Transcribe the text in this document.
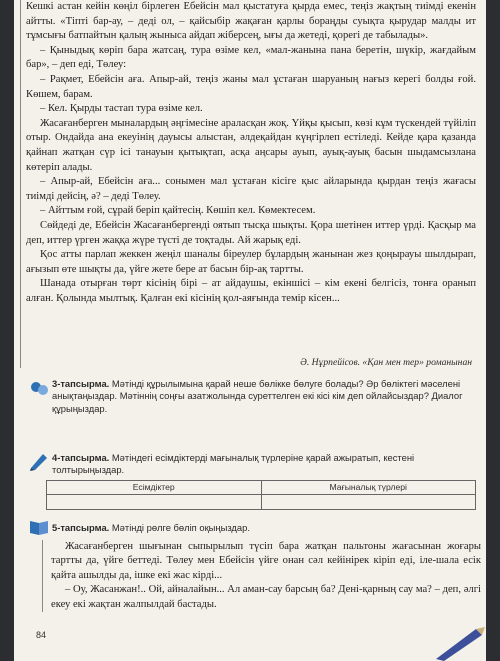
Кешкі астан кейін көңіл бірлеген Ебейсін мал қыстатуға қырда емес, теңіз жақтың тиімді екенін айтты. «Тіпті бар-ау, – деді ол, – қайсыбір жақаған қарлы бораңды суықта қырудар малды ит тұмсығы батпайтын қалың жыныса айдап жіберсең, ығы да жетеді, қорегі де табылады».

– Қыныдық көріп бара жатсаң, тура өзіме кел, «мал-жанына пана беретін, шүкір, жағдайым бар», – деп еді, Төлеу:

– Рақмет, Ебейсін аға. Апыр-ай, теңіз жаны мал ұстаған шаруаның нағыз керегі болды ғой. Көшем, барам.

– Кел. Қырды тастап тура өзіме кел.

Жасағанберген мыналардың әңгімесіне араласқан жоқ. Үйқы қысып, көзі кұм түскендей түйіліп отыр. Ондайда ана екеуінің дауысы алыстан, әлдеқайдан күңгірлеп естіледі. Кейде қара қазанда қайнап жатқан сүр ісі танауын қытықтап, асқа аңсары ауып, ауық-ауық басын шыдамсызлана көтеріп алады.

– Апыр-ай, Ебейсін аға... сонымен мал ұстаған кісіге қыс айларында қырдан теңіз жағасы тиімді дейсің, ә? – деді Төлеу.

– Айттым ғой, сұрай беріп қайтесің. Көшіп кел. Көмектесем.

Сөйдеді де, Ебейсін Жасағанбергенді оятып тысқа шықты. Қора шетінен иттер үрді. Қасқыр ма деп, иттер үрген жаққа жүре түсті де тоқтады. Ай жарық еді.

Қос атты парлап жеккен жеңіл шаналы біреулер бұлардың жанынан жез қоңырауы шылдырап, ағызып өте шықты да, үйге жете бере ат басын бір-ақ тартты.

Шанада отырған төрт кісінің бірі – ат айдаушы, екіншісі – кім екені белгісіз, тонға оранып алған. Қолында мылтық. Қалған екі кісінің қол-аяғында темір кісен...

Ә. Нұрпейісов. «Қан мен тер» романынан
3-тапсырма. Мәтінді құрылымына қарай неше бөлікке бөлуге болады? Әр бөліктегі мәселені анықтаңыздар. Мәтіннің соңғы азатжолында суреттелген екі кісі кім деп ойлайсыздар? Диалог құрыңыздар.
4-тапсырма. Мәтіндегі есімдіктерді мағыналық түрлеріне қарай ажыратып, кестені толтырыңыздар.
Есімдіктер	Мағыналық түрлері
5-тапсырма. Мәтінді рөлге бөліп оқыңыздар.

Жасағанберген шығынан сыпырылып түсіп бара жатқан пальтоны жағасынан жоғары тартты да, үйге беттеді. Төлеу мен Ебейсін үйге онан сәл кейінірек кіріп еді, іле-шала есік қайта ашылды да, ішке екі жас кірді...

– Оу, Жасанжан!.. Ой, айналайын... Ал аман-сау барсың ба? Дені-қарның сау ма? – деп, әлгі екеу екі жақтан жалпылдай бастады.

84
